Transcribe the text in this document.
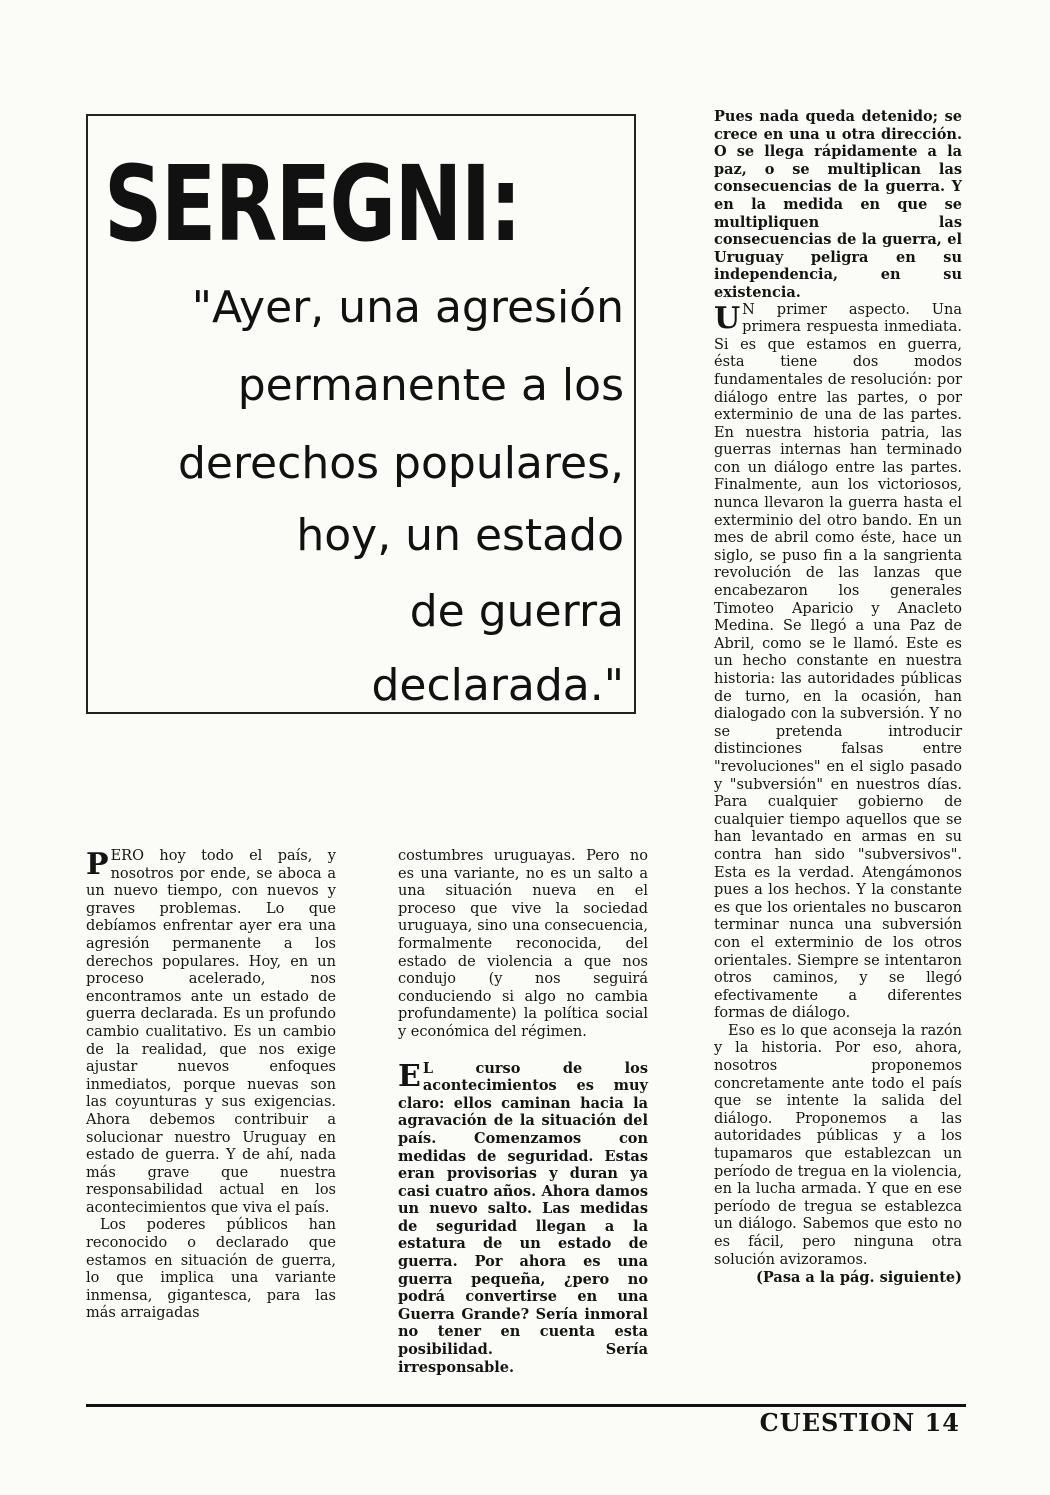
SEREGNI:

"Ayer, una agresión

permanente a los

derechos populares,

hoy, un estado

de guerra

declarada."

PERO hoy todo el país, y nosotros por ende, se aboca a un nuevo tiempo, con nuevos y graves problemas. Lo que debíamos enfrentar ayer era una agresión permanente a los derechos populares. Hoy, en un proceso acelerado, nos encontramos ante un estado de guerra declarada. Es un profundo cambio cualitativo. Es un cambio de la realidad, que nos exige ajustar nuevos enfoques inmediatos, porque nuevas son las coyunturas y sus exigencias. Ahora debemos contribuir a solucionar nuestro Uruguay en estado de guerra. Y de ahí, nada más grave que nuestra responsabilidad actual en los acontecimientos que viva el país.

Los poderes públicos han reconocido o declarado que estamos en situación de guerra, lo que implica una variante inmensa, gigantesca, para las más arraigadas

costumbres uruguayas. Pero no es una variante, no es un salto a una situación nueva en el proceso que vive la sociedad uruguaya, sino una consecuencia, formalmente reconocida, del estado de violencia a que nos condujo (y nos seguirá conduciendo si algo no cambia profundamente) la política social y económica del régimen.

E L curso de los acontecimientos es muy claro: ellos caminan hacia la agravación de la situación del país. Comenzamos con medidas de seguridad. Estas eran provisorias y duran ya casi cuatro años. Ahora damos un nuevo salto. Las medidas de seguridad llegan a la estatura de un estado de guerra. Por ahora es una guerra pequeña, ¿pero no podrá convertirse en una Guerra Grande? Sería inmoral no tener en cuenta esta posibilidad. Sería irresponsable.

Pues nada queda detenido; se crece en una u otra dirección. O se llega rápidamente a la paz, o se multiplican las consecuencias de la guerra. Y en la medida en que se multipliquen las consecuencias de la guerra, el Uruguay peligra en su independencia, en su existencia.

U N primer aspecto. Una primera respuesta inmediata. Si es que estamos en guerra, ésta tiene dos modos fundamentales de resolución: por diálogo entre las partes, o por exterminio de una de las partes. En nuestra historia patria, las guerras internas han terminado con un diálogo entre las partes. Finalmente, aun los victoriosos, nunca llevaron la guerra hasta el exterminio del otro bando. En un mes de abril como éste, hace un siglo, se puso fin a la sangrienta revolución de las lanzas que encabezaron los generales Timoteo Aparicio y Anacleto Medina. Se llegó a una Paz de Abril, como se le llamó. Este es un hecho constante en nuestra historia: las autoridades públicas de turno, en la ocasión, han dialogado con la subversión. Y no se pretenda introducir distinciones falsas entre "revoluciones" en el siglo pasado y "subversión" en nuestros días. Para cualquier gobierno de cualquier tiempo aquellos que se han levantado en armas en su contra han sido "subversivos". Esta es la verdad. Atengámonos pues a los hechos. Y la constante es que los orientales no buscaron terminar nunca una subversión con el exterminio de los otros orientales. Siempre se intentaron otros caminos, y se llegó efectivamente a diferentes formas de diálogo.

Eso es lo que aconseja la razón y la historia. Por eso, ahora, nosotros proponemos concretamente ante todo el país que se intente la salida del diálogo. Proponemos a las autoridades públicas y a los tupamaros que establezcan un período de tregua en la violencia, en la lucha armada. Y que en ese período de tregua se establezca un diálogo. Sabemos que esto no es fácil, pero ninguna otra solución avizoramos.

(Pasa a la pág. siguiente)

CUESTION 14
